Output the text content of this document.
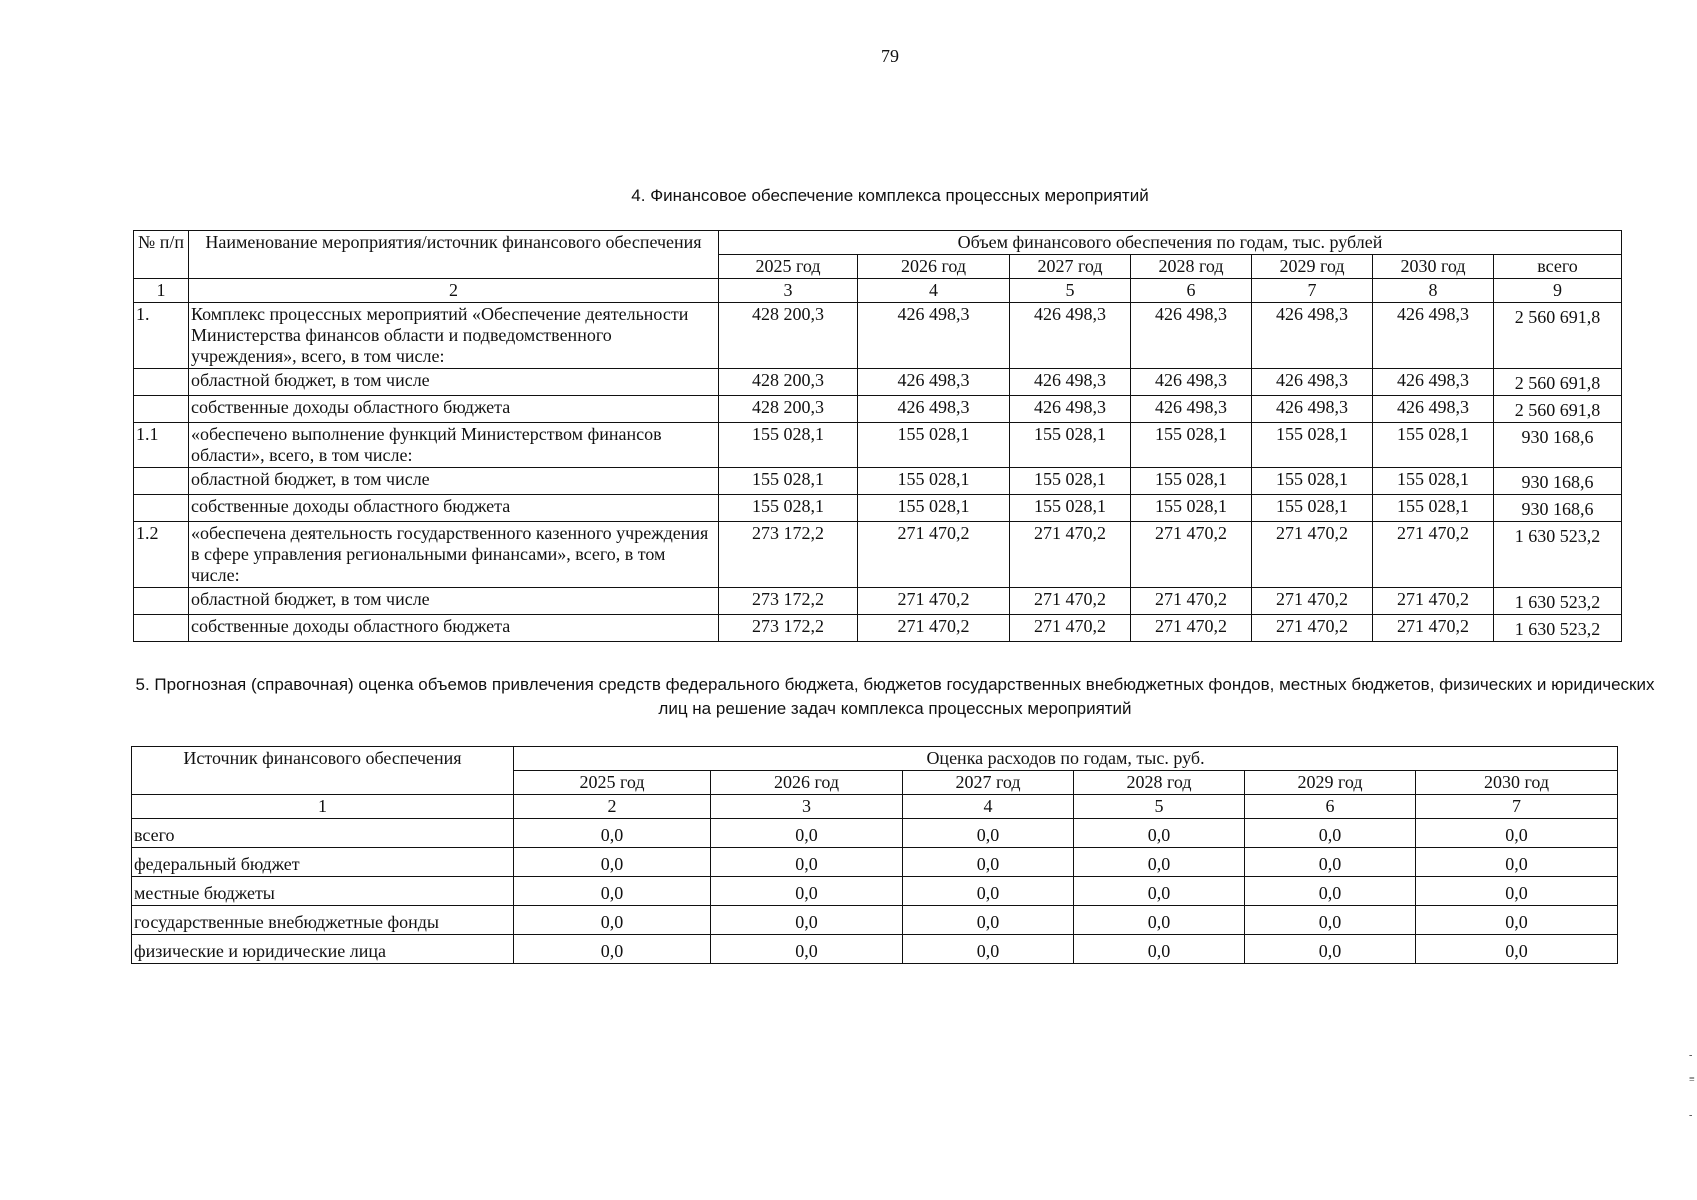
79
4. Финансовое обеспечение комплекса процессных мероприятий
№ п/п	Наименование мероприятия/источник финансового обеспечения	Объем финансового обеспечения по годам, тыс. рублей						
		2025 год	2026 год	2027 год	2028 год	2029 год	2030 год	всего
1	2	3	4	5	6	7	8	9
1.	Комплекс процессных мероприятий «Обеспечение деятельности Министерства финансов области и подведомственного учреждения», всего, в том числе:	428 200,3	426 498,3	426 498,3	426 498,3	426 498,3	426 498,3	2 560 691,8
	областной бюджет, в том числе	428 200,3	426 498,3	426 498,3	426 498,3	426 498,3	426 498,3	2 560 691,8
	собственные доходы областного бюджета	428 200,3	426 498,3	426 498,3	426 498,3	426 498,3	426 498,3	2 560 691,8
1.1	«обеспечено выполнение функций Министерством финансов области», всего, в том числе:	155 028,1	155 028,1	155 028,1	155 028,1	155 028,1	155 028,1	930 168,6
	областной бюджет, в том числе	155 028,1	155 028,1	155 028,1	155 028,1	155 028,1	155 028,1	930 168,6
	собственные доходы областного бюджета	155 028,1	155 028,1	155 028,1	155 028,1	155 028,1	155 028,1	930 168,6
1.2	«обеспечена деятельность государственного казенного учреждения в сфере управления региональными финансами», всего, в том числе:	273 172,2	271 470,2	271 470,2	271 470,2	271 470,2	271 470,2	1 630 523,2
	областной бюджет, в том числе	273 172,2	271 470,2	271 470,2	271 470,2	271 470,2	271 470,2	1 630 523,2
	собственные доходы областного бюджета	273 172,2	271 470,2	271 470,2	271 470,2	271 470,2	271 470,2	1 630 523,2
5. Прогнозная (справочная) оценка объемов привлечения средств федерального бюджета, бюджетов государственных внебюджетных фондов, местных бюджетов, физических и юридических лиц на решение задач комплекса процессных мероприятий
Источник финансового обеспечения	Оценка расходов по годам, тыс. руб.					
	2025 год	2026 год	2027 год	2028 год	2029 год	2030 год
1	2	3	4	5	6	7
всего	0,0	0,0	0,0	0,0	0,0	0,0
федеральный бюджет	0,0	0,0	0,0	0,0	0,0	0,0
местные бюджеты	0,0	0,0	0,0	0,0	0,0	0,0
государственные внебюджетные фонды	0,0	0,0	0,0	0,0	0,0	0,0
физические и юридические лица	0,0	0,0	0,0	0,0	0,0	0,0
-

≡

-
